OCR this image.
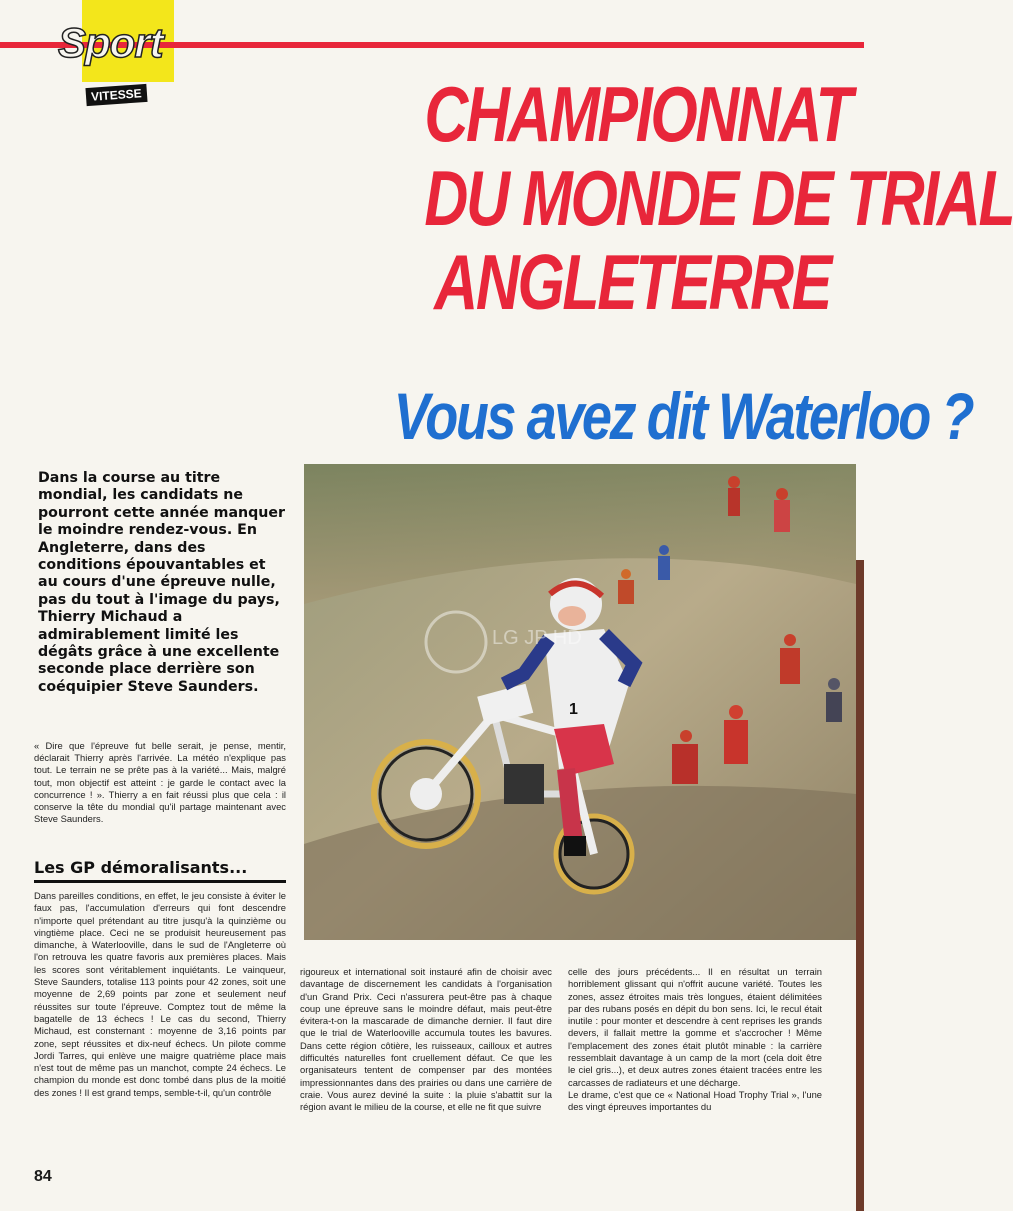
Sport
VITESSE	CHAMPIONNAT
DU MONDE DE TRIAL
ANGLETERRE
Vous avez dit Waterloo ?
Dans la course au titre mondial, les candidats ne pourront cette année manquer le moindre rendez-vous. En Angleterre, dans des conditions épouvantables et au cours d'une épreuve nulle, pas du tout à l'image du pays, Thierry Michaud a admirablement limité les dégâts grâce à une excellente seconde place derrière son coéquipier Steve Saunders.
« Dire que l'épreuve fut belle serait, je pense, mentir, déclarait Thierry après l'arrivée. La météo n'explique pas tout. Le terrain ne se prête pas à la variété... Mais, malgré tout, mon objectif est atteint : je garde le contact avec la concurrence ! ». Thierry a en fait réussi plus que cela : il conserve la tête du mondial qu'il partage maintenant avec Steve Saunders.
Les GP démoralisants...
Dans pareilles conditions, en effet, le jeu consiste à éviter le faux pas, l'accumulation d'erreurs qui font descendre n'importe quel prétendant au titre jusqu'à la quinzième ou vingtième place. Ceci ne se produisit heureusement pas dimanche, à Waterlooville, dans le sud de l'Angleterre où l'on retrouva les quatre favoris aux premières places. Mais les scores sont véritablement inquiétants. Le vainqueur, Steve Saunders, totalise 113 points pour 42 zones, soit une moyenne de 2,69 points par zone et seulement neuf réussites sur toute l'épreuve. Comptez tout de même la bagatelle de 13 échecs ! Le cas du second, Thierry Michaud, est consternant : moyenne de 3,16 points par zone, sept réussites et dix-neuf échecs. Un pilote comme Jordi Tarres, qui enlève une maigre quatrième place mais n'est tout de même pas un manchot, compte 24 échecs. Le champion du monde est donc tombé dans plus de la moitié des zones ! Il est grand temps, semble-t-il, qu'un contrôle
rigoureux et international soit instauré afin de choisir avec davantage de discernement les candidats à l'organisation d'un Grand Prix. Ceci n'assurera peut-être pas à chaque coup une épreuve sans le moindre défaut, mais peut-être évitera-t-on la mascarade de dimanche dernier. Il faut dire que le trial de Waterlooville accumula toutes les bavures. Dans cette région côtière, les ruisseaux, cailloux et autres difficultés naturelles font cruellement défaut. Ce que les organisateurs tentent de compenser par des montées impressionnantes dans des prairies ou dans une carrière de craie. Vous aurez deviné la suite : la pluie s'abattit sur la région avant le milieu de la course, et elle ne fit que suivre
celle des jours précédents... Il en résultat un terrain horriblement glissant qui n'offrit aucune variété. Toutes les zones, assez étroites mais très longues, étaient délimitées par des rubans posés en dépit du bon sens. Ici, le recul était inutile : pour monter et descendre à cent reprises les grands devers, il fallait mettre la gomme et s'accrocher ! Même l'emplacement des zones était plutôt minable : la carrière ressemblait davantage à un camp de la mort (cela doit être le ciel gris...), et deux autres zones étaient tracées entre les carcasses de radiateurs et une décharge.
Le drame, c'est que ce « National Hoad Trophy Trial », l'une des vingt épreuves importantes du
84
1
LG JP HD
